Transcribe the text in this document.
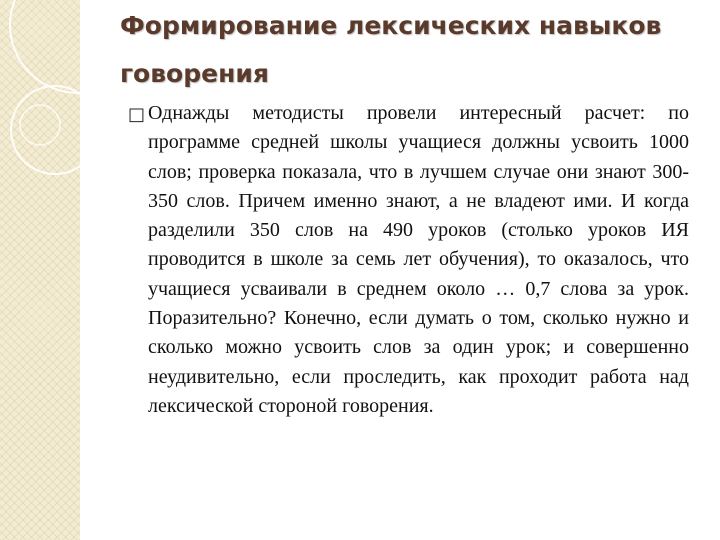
Формирование лексических навыков говорения

□ Однажды методисты провели интересный расчет: по программе средней школы учащиеся должны усвоить 1000 слов; проверка показала, что в лучшем случае они знают 300-350 слов. Причем именно знают, а не владеют ими. И когда разделили 350 слов на 490 уроков (столько уроков ИЯ проводится в школе за семь лет обучения), то оказалось, что учащиеся усваивали в среднем около … 0,7 слова за урок. Поразительно? Конечно, если думать о том, сколько нужно и сколько можно усвоить слов за один урок; и совершенно неудивительно, если проследить, как проходит работа над лексической стороной говорения.
